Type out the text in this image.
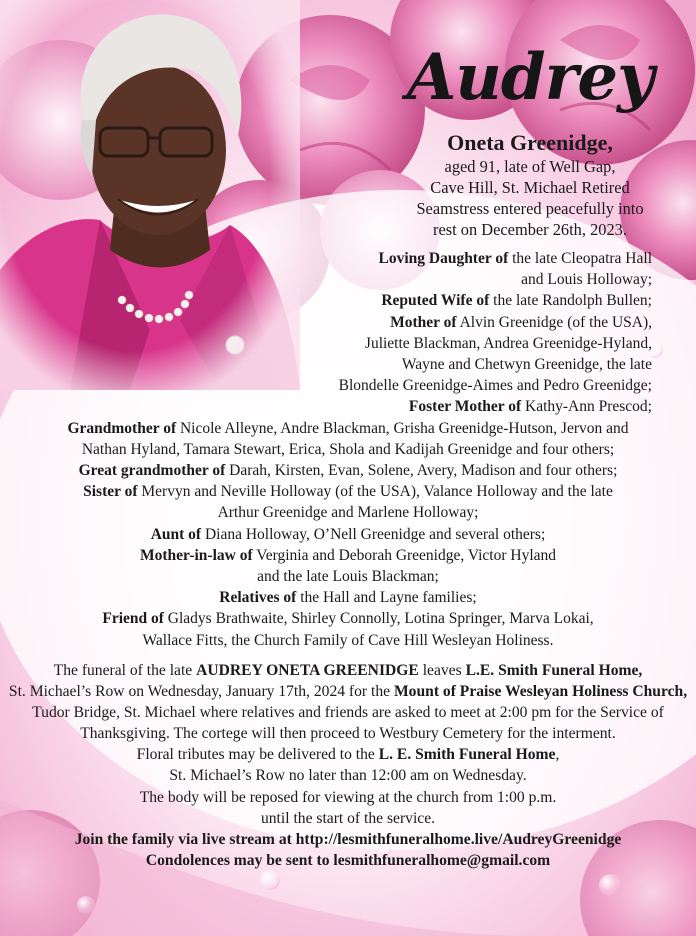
Audrey
Oneta Greenidge,
aged 91, late of Well Gap,
Cave Hill, St. Michael Retired
Seamstress entered peacefully into
rest on December 26th, 2023.
Loving Daughter of the late Cleopatra Hall
and Louis Holloway;
Reputed Wife of the late Randolph Bullen;
Mother of Alvin Greenidge (of the USA),
Juliette Blackman, Andrea Greenidge-Hyland,
Wayne and Chetwyn Greenidge, the late
Blondelle Greenidge-Aimes and Pedro Greenidge;
Foster Mother of Kathy-Ann Prescod;
Grandmother of Nicole Alleyne, Andre Blackman, Grisha Greenidge-Hutson, Jervon and
Nathan Hyland, Tamara Stewart, Erica, Shola and Kadijah Greenidge and four others;
Great grandmother of Darah, Kirsten, Evan, Solene, Avery, Madison and four others;
Sister of Mervyn and Neville Holloway (of the USA), Valance Holloway and the late
Arthur Greenidge and Marlene Holloway;
Aunt of Diana Holloway, O’Nell Greenidge and several others;
Mother-in-law of Verginia and Deborah Greenidge, Victor Hyland
and the late Louis Blackman;
Relatives of the Hall and Layne families;
Friend of Gladys Brathwaite, Shirley Connolly, Lotina Springer, Marva Lokai,
Wallace Fitts, the Church Family of Cave Hill Wesleyan Holiness.

The funeral of the late AUDREY ONETA GREENIDGE leaves L.E. Smith Funeral Home,
St. Michael’s Row on Wednesday, January 17th, 2024 for the Mount of Praise Wesleyan Holiness Church, Tudor Bridge, St. Michael where relatives and friends are asked to meet at 2:00 pm for the Service of Thanksgiving. The cortege will then proceed to Westbury Cemetery for the interment.

Floral tributes may be delivered to the L. E. Smith Funeral Home,
St. Michael’s Row no later than 12:00 am on Wednesday.

The body will be reposed for viewing at the church from 1:00 p.m.
until the start of the service.

Join the family via live stream at http://lesmithfuneralhome.live/AudreyGreenidge

Condolences may be sent to lesmithfuneralhome@gmail.com
